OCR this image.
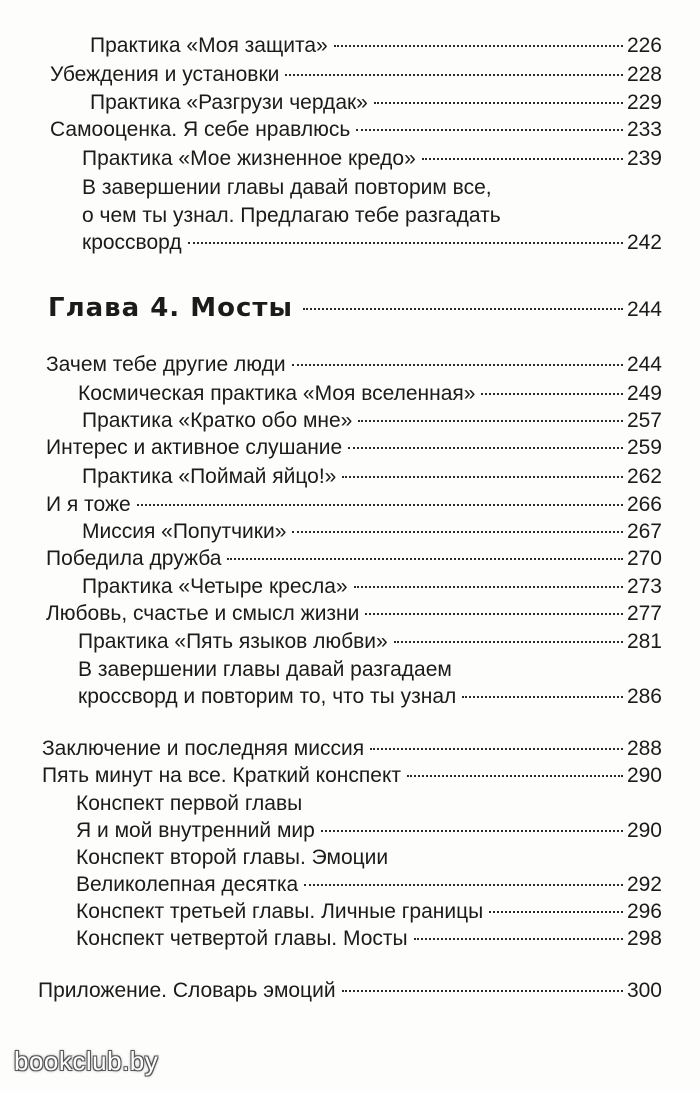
Практика «Моя защита»	226
Убеждения и установки	228
Практика «Разгрузи чердак»	229
Самооценка. Я себе нравлюсь	233
Практика «Мое жизненное кредо»	239
В завершении главы давай повторим все,
о чем ты узнал. Предлагаю тебе разгадать
кроссворд	242
Глава 4. Мосты	244
Зачем тебе другие люди	244
Космическая практика «Моя вселенная»	249
Практика «Кратко обо мне»	257
Интерес и активное слушание	259
Практика «Поймай яйцо!»	262
И я тоже	266
Миссия «Попутчики»	267
Победила дружба	270
Практика «Четыре кресла»	273
Любовь, счастье и смысл жизни	277
Практика «Пять языков любви»	281
В завершении главы давай разгадаем
кроссворд и повторим то, что ты узнал	286
Заключение и последняя миссия	288
Пять минут на все. Краткий конспект	290
Конспект первой главы
Я и мой внутренний мир	290
Конспект второй главы. Эмоции
Великолепная десятка	292
Конспект третьей главы. Личные границы	296
Конспект четвертой главы. Мосты	298
Приложение. Словарь эмоций	300
bookclub.by
